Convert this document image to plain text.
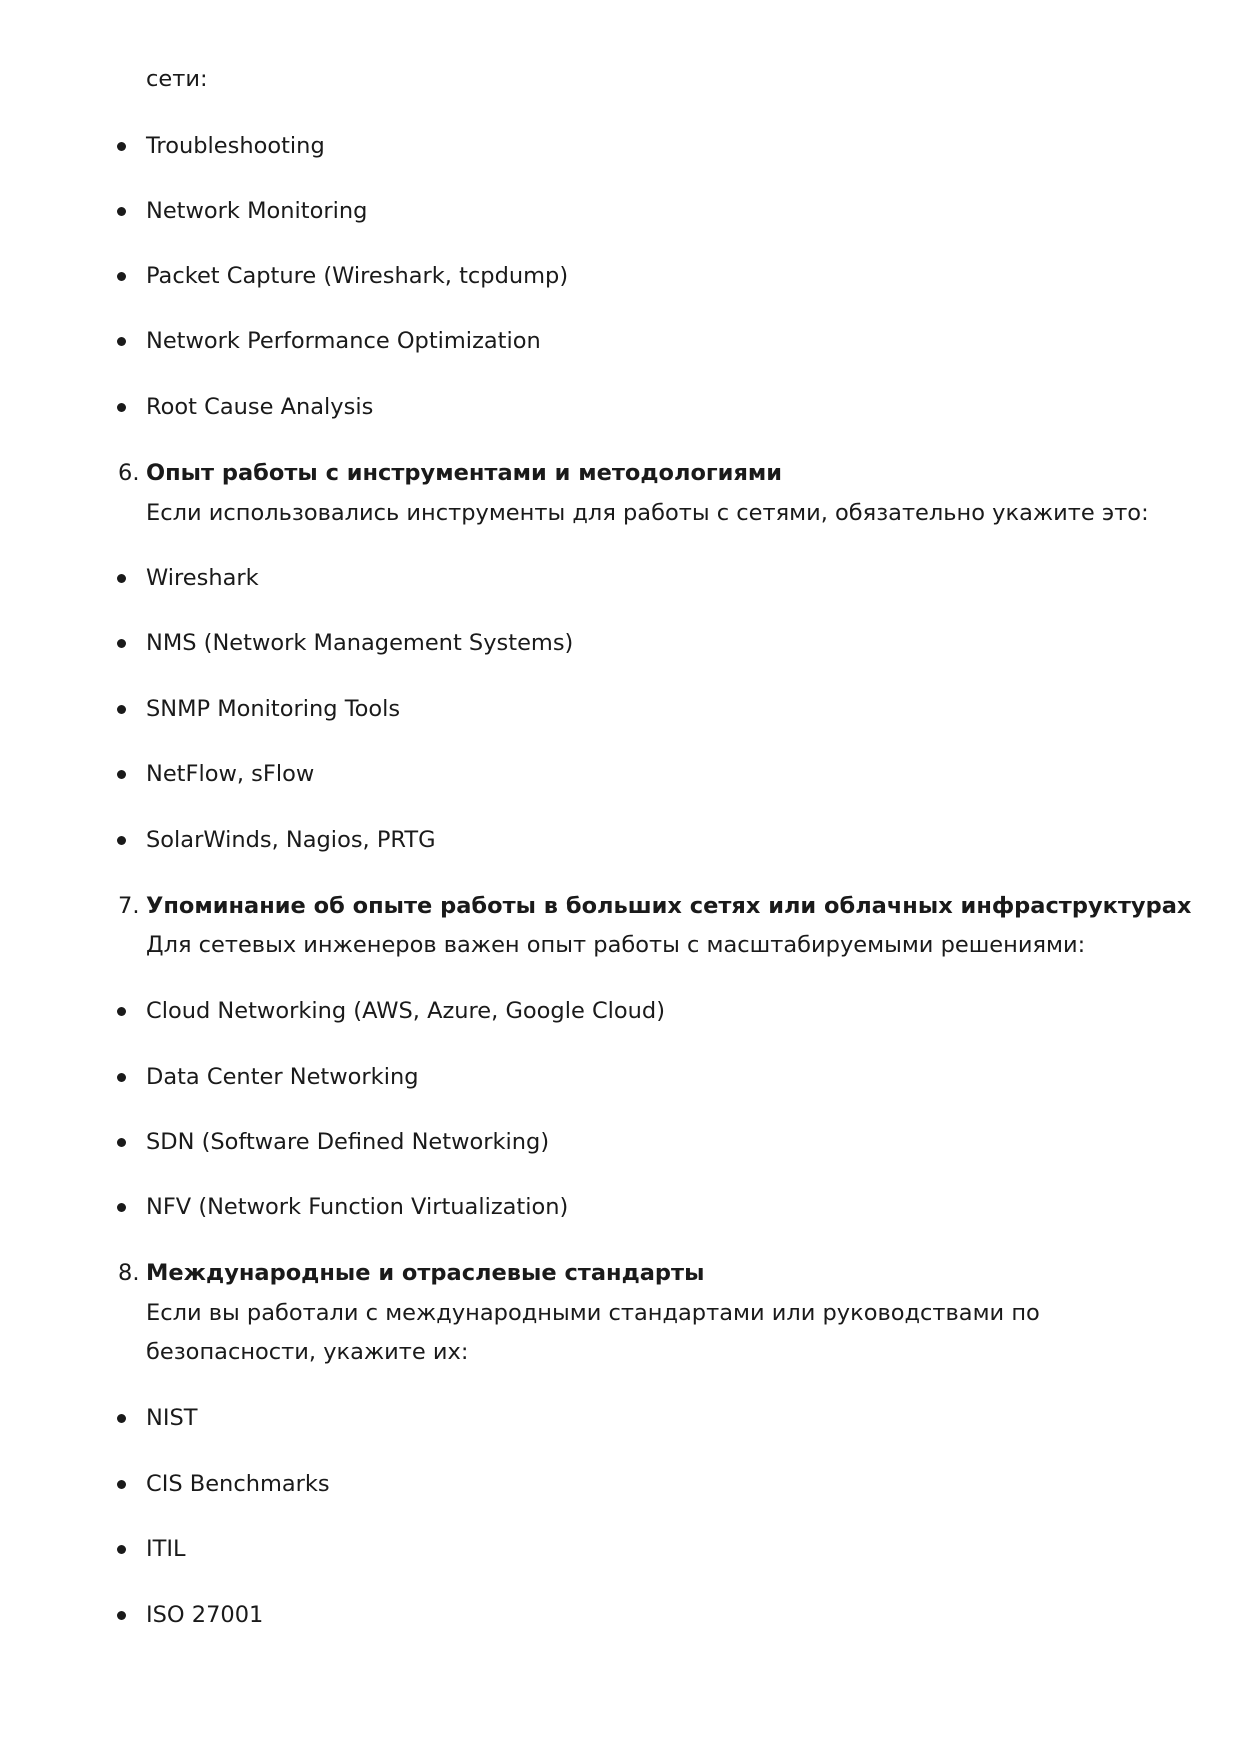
сети:
Troubleshooting
Network Monitoring
Packet Capture (Wireshark, tcpdump)
Network Performance Optimization
Root Cause Analysis
6. Опыт работы с инструментами и методологиями
Если использовались инструменты для работы с сетями, обязательно укажите это:
Wireshark
NMS (Network Management Systems)
SNMP Monitoring Tools
NetFlow, sFlow
SolarWinds, Nagios, PRTG
7. Упоминание об опыте работы в больших сетях или облачных инфраструктурах
Для сетевых инженеров важен опыт работы с масштабируемыми решениями:
Cloud Networking (AWS, Azure, Google Cloud)
Data Center Networking
SDN (Software Defined Networking)
NFV (Network Function Virtualization)
8. Международные и отраслевые стандарты
Если вы работали с международными стандартами или руководствами по
безопасности, укажите их:
NIST
CIS Benchmarks
ITIL
ISO 27001
